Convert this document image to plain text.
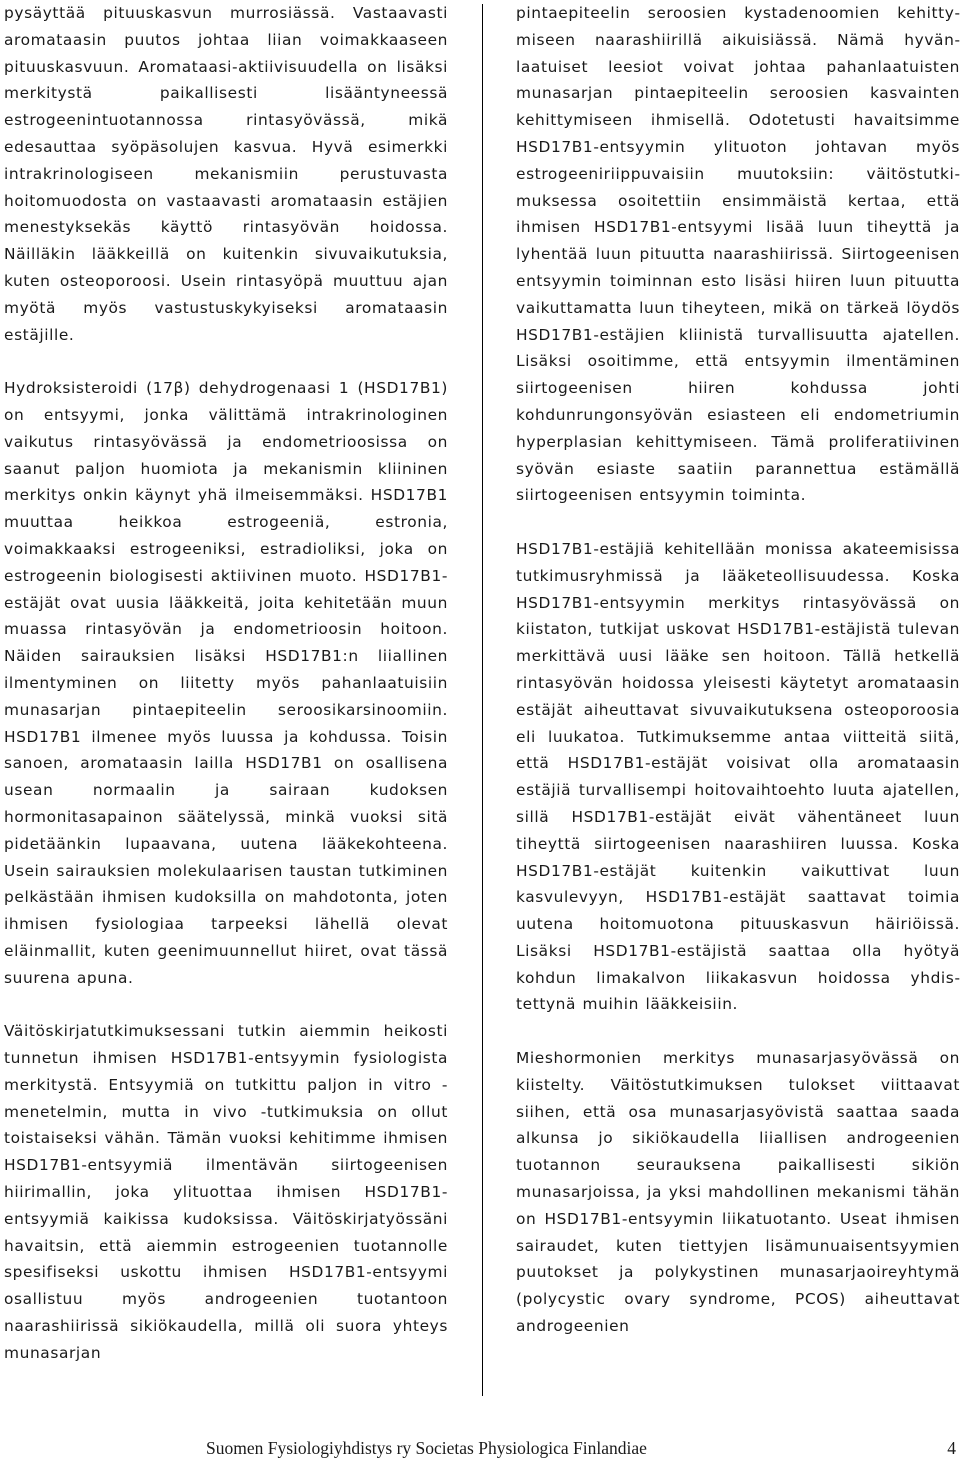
pysäyttää pituuskasvun murrosiässä. Vastaavasti aromataasin puutos johtaa liian voimakkaaseen pituuskasvuun. Aromataasi-aktiivisuudella on lisäksi merkitystä paikallisesti lisääntyneessä estrogeenintuotannossa rintasyövässä, mikä edesauttaa syöpäsolujen kasvua. Hyvä esimerkki intrakrinologiseen mekanismiin perustuvasta hoitomuodosta on vastaavasti aromataasin estäjien menestyksekäs käyttö rintasyövän hoidossa. Näilläkin lääkkeillä on kuitenkin sivuvaikutuksia, kuten osteoporoosi. Usein rintasyöpä muuttuu ajan myötä myös vastustuskykyiseksi aromataasin estäjille.

Hydroksisteroidi (17β) dehydrogenaasi 1 (HSD17B1) on entsyymi, jonka välittämä intrakrinologinen vaikutus rintasyövässä ja endometrioosissa on saanut paljon huomiota ja mekanismin kliininen merkitys onkin käynyt yhä ilmeisemmäksi. HSD17B1 muuttaa heikkoa estrogeeniä, estronia, voimakkaaksi estrogeeniksi, estradioliksi, joka on estrogeenin biologisesti aktiivinen muoto. HSD17B1-estäjät ovat uusia lääkkeitä, joita kehitetään muun muassa rintasyövän ja endometrioosin hoitoon. Näiden sairauksien lisäksi HSD17B1:n liiallinen ilmentyminen on liitetty myös pahanlaatuisiin munasarjan pintaepiteelin seroosikarsinoomiin. HSD17B1 ilmenee myös luussa ja kohdussa. Toisin sanoen, aromataasin lailla HSD17B1 on osallisena usean normaalin ja sairaan kudoksen hormonitasapainon säätelyssä, minkä vuoksi sitä pidetäänkin lupaavana, uutena lääkekohteena. Usein sairauksien molekulaarisen taustan tutkiminen pelkästään ihmisen kudoksilla on mahdotonta, joten ihmisen fysiologiaa tarpeeksi lähellä olevat eläinmallit, kuten geenimuunnellut hiiret, ovat tässä suurena apuna.

Väitöskirjatutkimuksessani tutkin aiemmin heikosti tunnetun ihmisen HSD17B1-entsyymin fysiologista merkitystä. Entsyymiä on tutkittu paljon in vitro -menetelmin, mutta in vivo -tutkimuksia on ollut toistaiseksi vähän. Tämän vuoksi kehitimme ihmisen HSD17B1-entsyymiä ilmentävän siirtogeenisen hiirimallin, joka ylituottaa ihmisen HSD17B1-entsyymiä kaikissa kudoksissa. Väitöskirjatyössäni havaitsin, että aiemmin estrogeenien tuotannolle spesifiseksi uskottu ihmisen HSD17B1-entsyymi osallistuu myös androgeenien tuotantoon naarashiirissä sikiökaudella, millä oli suora yhteys munasarjan

pintaepiteelin seroosien kystadenoomien kehittymiseen naarashiirillä aikuisiässä. Nämä hyvänlaatuiset leesiot voivat johtaa pahanlaatuisten munasarjan pintaepiteelin seroosien kasvainten kehittymiseen ihmisellä. Odotetusti havaitsimme HSD17B1-entsyymin ylituoton johtavan myös estrogeeniriippuvaisiin muutoksiin: väitöstutkimuksessa osoitettiin ensimmäistä kertaa, että ihmisen HSD17B1-entsyymi lisää luun tiheyttä ja lyhentää luun pituutta naarashiirissä. Siirtogeenisen entsyymin toiminnan esto lisäsi hiiren luun pituutta vaikuttamatta luun tiheyteen, mikä on tärkeä löydös HSD17B1-estäjien kliinistä turvallisuutta ajatellen. Lisäksi osoitimme, että entsyymin ilmentäminen siirtogeenisen hiiren kohdussa johti kohdunrungonsyövän esiasteen eli endometriumin hyperplasian kehittymiseen. Tämä proliferatiivinen syövän esiaste saatiin parannettua estämällä siirtogeenisen entsyymin toiminta.

HSD17B1-estäjiä kehitellään monissa akateemisissa tutkimusryhmissä ja lääketeollisuudessa. Koska HSD17B1-entsyymin merkitys rintasyövässä on kiistaton, tutkijat uskovat HSD17B1-estäjistä tulevan merkittävä uusi lääke sen hoitoon. Tällä hetkellä rintasyövän hoidossa yleisesti käytetyt aromataasin estäjät aiheuttavat sivuvaikutuksena osteoporoosia eli luukatoa. Tutkimuksemme antaa viitteitä siitä, että HSD17B1-estäjät voisivat olla aromataasin estäjiä turvallisempi hoitovaihtoehto luuta ajatellen, sillä HSD17B1-estäjät eivät vähentäneet luun tiheyttä siirtogeenisen naarashiiren luussa. Koska HSD17B1-estäjät kuitenkin vaikuttivat luun kasvulevyyn, HSD17B1-estäjät saattavat toimia uutena hoitomuotona pituuskasvun häiriöissä. Lisäksi HSD17B1-estäjistä saattaa olla hyötyä kohdun limakalvon liikakasvun hoidossa yhdistettynä muihin lääkkeisiin.

Mieshormonien merkitys munasarjasyövässä on kiistelty. Väitöstutkimuksen tulokset viittaavat siihen, että osa munasarjasyövistä saattaa saada alkunsa jo sikiökaudella liiallisen androgeenien tuotannon seurauksena paikallisesti sikiön munasarjoissa, ja yksi mahdollinen mekanismi tähän on HSD17B1-entsyymin liikatuotanto. Useat ihmisen sairaudet, kuten tiettyjen lisämunuaisentsyymien puutokset ja polykystinen munasarjaoireyhtymä (polycystic ovary syndrome, PCOS) aiheuttavat androgeenien

Suomen Fysiologiyhdistys ry Societas Physiologica Finlandiae	4
